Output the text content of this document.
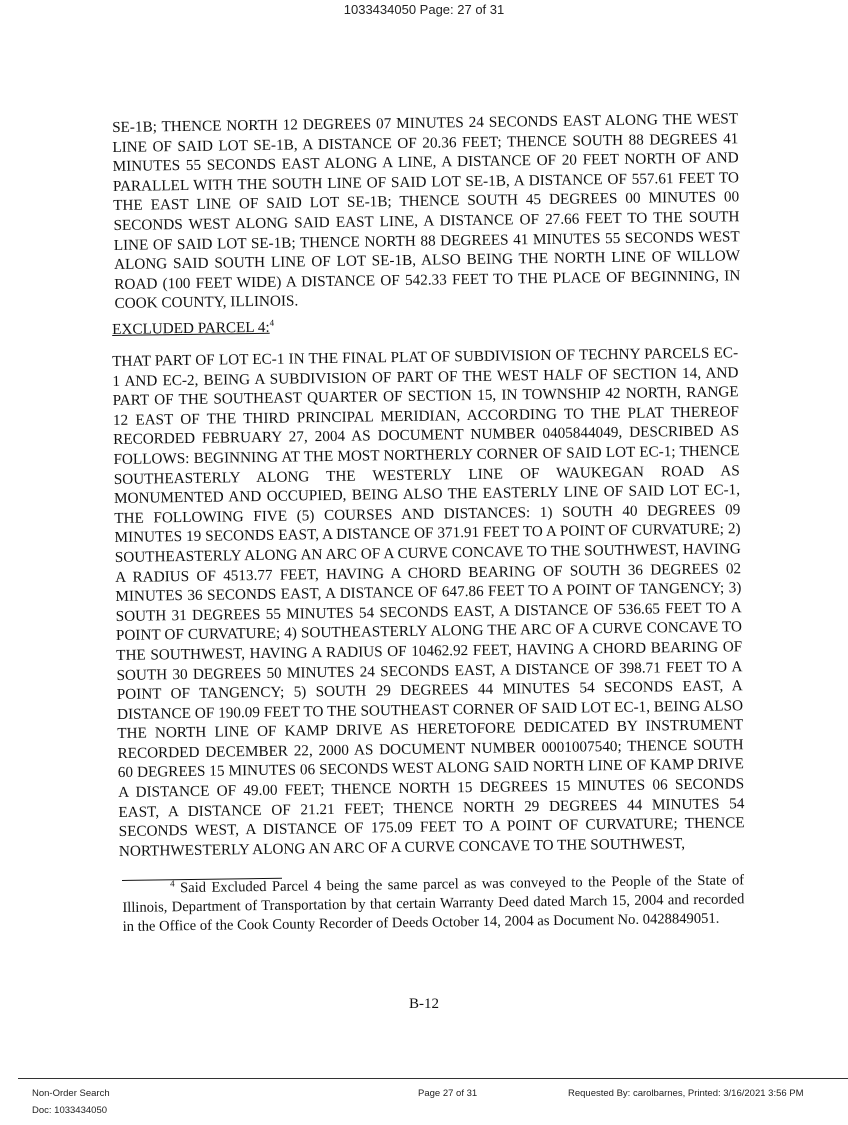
1033434050 Page: 27 of 31

SE-1B; THENCE NORTH 12 DEGREES 07 MINUTES 24 SECONDS EAST ALONG THE WEST LINE OF SAID LOT SE-1B, A DISTANCE OF 20.36 FEET; THENCE SOUTH 88 DEGREES 41 MINUTES 55 SECONDS EAST ALONG A LINE, A DISTANCE OF 20 FEET NORTH OF AND PARALLEL WITH THE SOUTH LINE OF SAID LOT SE-1B, A DISTANCE OF 557.61 FEET TO THE EAST LINE OF SAID LOT SE-1B; THENCE SOUTH 45 DEGREES 00 MINUTES 00 SECONDS WEST ALONG SAID EAST LINE, A DISTANCE OF 27.66 FEET TO THE SOUTH LINE OF SAID LOT SE-1B; THENCE NORTH 88 DEGREES 41 MINUTES 55 SECONDS WEST ALONG SAID SOUTH LINE OF LOT SE-1B, ALSO BEING THE NORTH LINE OF WILLOW ROAD (100 FEET WIDE) A DISTANCE OF 542.33 FEET TO THE PLACE OF BEGINNING, IN COOK COUNTY, ILLINOIS.

EXCLUDED PARCEL 4:$^4$

THAT PART OF LOT EC-1 IN THE FINAL PLAT OF SUBDIVISION OF TECHNY PARCELS EC-1 AND EC-2, BEING A SUBDIVISION OF PART OF THE WEST HALF OF SECTION 14, AND PART OF THE SOUTHEAST QUARTER OF SECTION 15, IN TOWNSHIP 42 NORTH, RANGE 12 EAST OF THE THIRD PRINCIPAL MERIDIAN, ACCORDING TO THE PLAT THEREOF RECORDED FEBRUARY 27, 2004 AS DOCUMENT NUMBER 0405844049, DESCRIBED AS FOLLOWS: BEGINNING AT THE MOST NORTHERLY CORNER OF SAID LOT EC-1; THENCE SOUTHEASTERLY ALONG THE WESTERLY LINE OF WAUKEGAN ROAD AS MONUMENTED AND OCCUPIED, BEING ALSO THE EASTERLY LINE OF SAID LOT EC-1, THE FOLLOWING FIVE (5) COURSES AND DISTANCES: 1) SOUTH 40 DEGREES 09 MINUTES 19 SECONDS EAST, A DISTANCE OF 371.91 FEET TO A POINT OF CURVATURE; 2) SOUTHEASTERLY ALONG AN ARC OF A CURVE CONCAVE TO THE SOUTHWEST, HAVING A RADIUS OF 4513.77 FEET, HAVING A CHORD BEARING OF SOUTH 36 DEGREES 02 MINUTES 36 SECONDS EAST, A DISTANCE OF 647.86 FEET TO A POINT OF TANGENCY; 3) SOUTH 31 DEGREES 55 MINUTES 54 SECONDS EAST, A DISTANCE OF 536.65 FEET TO A POINT OF CURVATURE; 4) SOUTHEASTERLY ALONG THE ARC OF A CURVE CONCAVE TO THE SOUTHWEST, HAVING A RADIUS OF 10462.92 FEET, HAVING A CHORD BEARING OF SOUTH 30 DEGREES 50 MINUTES 24 SECONDS EAST, A DISTANCE OF 398.71 FEET TO A POINT OF TANGENCY; 5) SOUTH 29 DEGREES 44 MINUTES 54 SECONDS EAST, A DISTANCE OF 190.09 FEET TO THE SOUTHEAST CORNER OF SAID LOT EC-1, BEING ALSO THE NORTH LINE OF KAMP DRIVE AS HERETOFORE DEDICATED BY INSTRUMENT RECORDED DECEMBER 22, 2000 AS DOCUMENT NUMBER 0001007540; THENCE SOUTH 60 DEGREES 15 MINUTES 06 SECONDS WEST ALONG SAID NORTH LINE OF KAMP DRIVE A DISTANCE OF 49.00 FEET; THENCE NORTH 15 DEGREES 15 MINUTES 06 SECONDS EAST, A DISTANCE OF 21.21 FEET; THENCE NORTH 29 DEGREES 44 MINUTES 54 SECONDS WEST, A DISTANCE OF 175.09 FEET TO A POINT OF CURVATURE; THENCE NORTHWESTERLY ALONG AN ARC OF A CURVE CONCAVE TO THE SOUTHWEST,

$^4$ Said Excluded Parcel 4 being the same parcel as was conveyed to the People of the State of Illinois, Department of Transportation by that certain Warranty Deed dated March 15, 2004 and recorded in the Office of the Cook County Recorder of Deeds October 14, 2004 as Document No. 0428849051.
B-12
Non-Order Search
Doc: 1033434050
Page 27 of 31	Requested By: carolbarnes, Printed: 3/16/2021 3:56 PM
